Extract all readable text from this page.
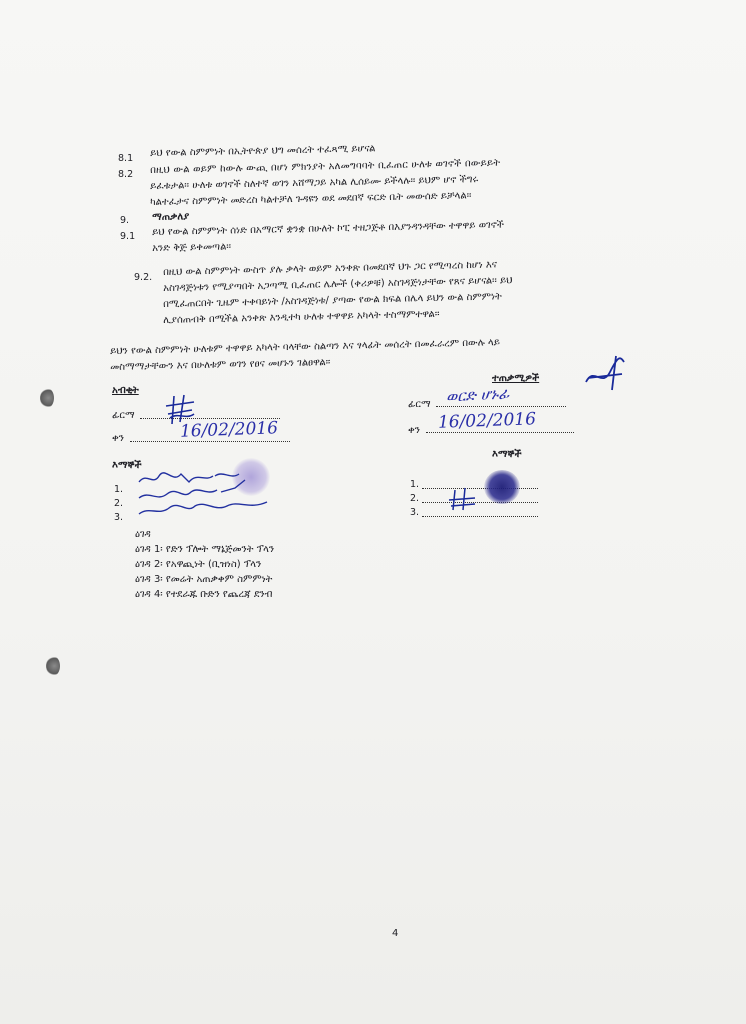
8.1 ይህ የውል ስምምነት በኢትዮጵያ ህግ መሰረት ተፈጻሚ ይሆናል
8.2 በዚህ ውል ወይም ከውሉ ውጪ በሆነ ምክንያት አለመግባባት ቢፈጠር ሁለቱ ወገኖች በውይይት
ይፈቱታል፡፡ ሁለቱ ወገኖች ስለተኛ ወገን አሸማጋይ አካል ሊሰይሙ ይችላሉ፡፡ ይህም ሆኖ ችግሩ
ካልተፈታና ስምምነት መድረስ ካልተቻለ ጉዳዩን ወደ መደበኛ ፍርድ ቤት መውሰድ ይቻላል፡፡
9. ማጠቃለያ
9.1 ይህ የውል ስምምነት ሰነድ በአማርኛ ቋንቋ በሁለት ኮፒ ተዘጋጅቶ በእያንዳንዳቸው ተዋዋይ ወገኖች
አንድ ቅጅ ይቀመጣል፡፡
9.2. በዚህ ውል ስምምነት ውስጥ ያሉ ቃላት ወይም አንቀጽ በመደበኛ ህጉ ጋር የሚጣረስ ከሆነ እና
አስገዳጅነቱን የሚያጣበት አጋጣሚ ቢፈጠር ሌሎች (ቀሪዎቹ) አስገዳጅነታቸው የጸና ይሆናል፡፡ ይህ
በሚፈጠርበት ጊዜም ተቀባይነት /አስገዳጅነቱ/ ያጣው የውል ክፍል በሌላ ይህን ውል ስምምነት
ሊያሰጠብቅ በሚችል አንቀጽ እንዲተካ ሁለቱ ተዋዋይ አካላት ተስማምተዋል፡፡
ይህን የውል ስምምነት ሁለቱም ተዋዋይ አካላት ባላቸው ስልጣን እና ፃላፊት መሰረት በመፈራረም በውሉ ላይ
መስማማታቸውን እና በሁለቱም ወገን የፀና መሆኑን ገልፀዋል፡፡
አብቂት
ፊርማ
ቀን	16/02/2016
እማኞች
1.
2.
3.
ዕገዳ
ዕገዳ 1፡ የድን ፕሎት ማኔጅመንት ፕላን
ዕገዳ 2፡ የአዋጪነት (ቢዝነስ) ፕላን
ዕገዳ 3፡ የመሬት አጠቃቀም ስምምነት
ዕገዳ 4፡ የተደራጁ ቡድን የጨረጃ ደንብ
ተጠቃሚዎች
ፊርማ ወርድ ሆኑፊ
ቀን 16/02/2016
እማኞች
1.
2.
3.
4
